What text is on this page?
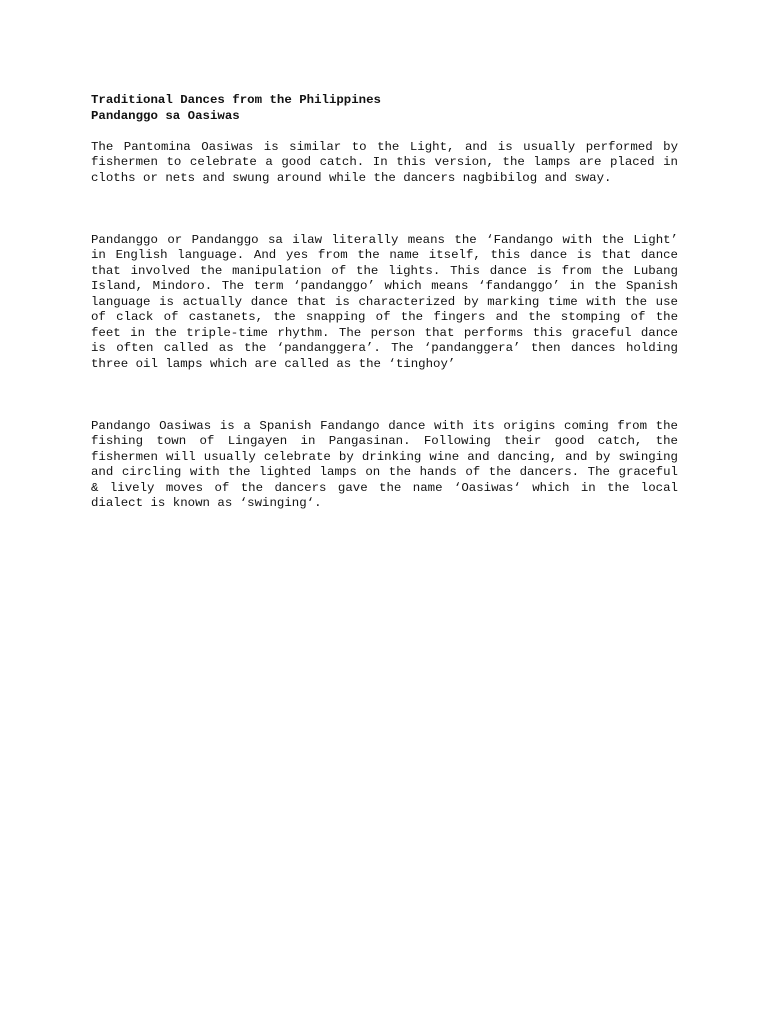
Traditional Dances from the Philippines
Pandanggo sa Oasiwas

The Pantomina Oasiwas is similar to the Light, and is usually performed by fishermen to celebrate a good catch. In this version, the lamps are placed in cloths or nets and swung around while the dancers nagbibilog and sway.

Pandanggo or Pandanggo sa ilaw literally means the ‘Fandango with the Light’ in English language. And yes from the name itself, this dance is that dance that involved the manipulation of the lights. This dance is from the Lubang Island, Mindoro. The term ‘pandanggo’ which means ‘fandanggo’ in the Spanish language is actually dance that is characterized by marking time with the use of clack of castanets, the snapping of the fingers and the stomping of the feet in the triple-time rhythm. The person that performs this graceful dance is often called as the ‘pandanggera’. The ‘pandanggera’ then dances holding three oil lamps which are called as the ‘tinghoy’

Pandango Oasiwas is a Spanish Fandango dance with its origins coming from the fishing town of Lingayen in Pangasinan. Following their good catch, the fishermen will usually celebrate by drinking wine and dancing, and by swinging and circling with the lighted lamps on the hands of the dancers. The graceful & lively moves of the dancers gave the name ‘Oasiwas‘ which in the local dialect is known as ‘swinging‘.
